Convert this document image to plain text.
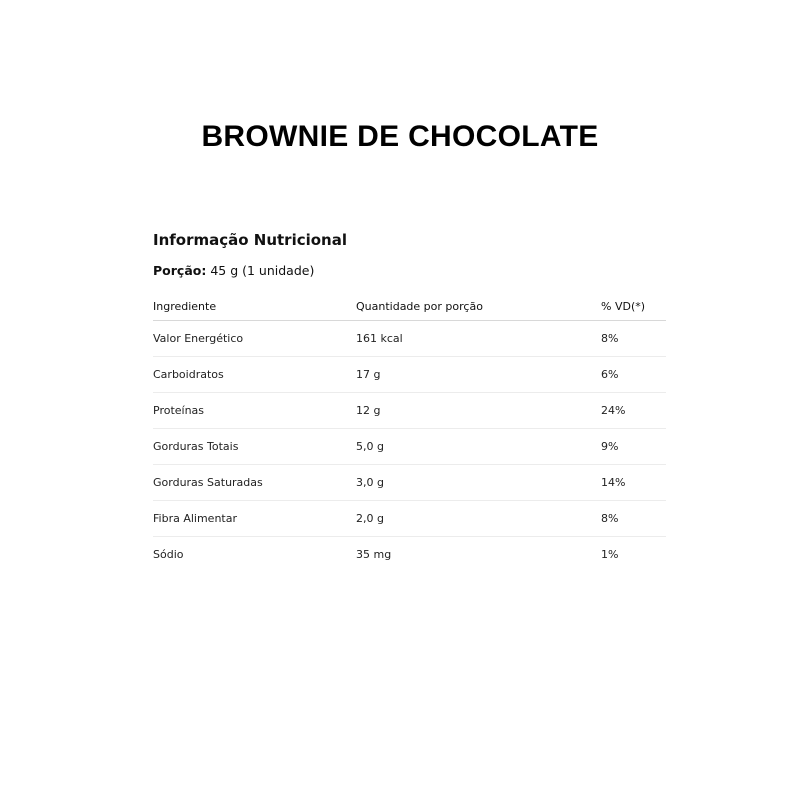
BROWNIE DE CHOCOLATE
Informação Nutricional
Porção: 45 g (1 unidade)
Ingrediente	Quantidade por porção	% VD(*)
Valor Energético	161 kcal	8%
Carboidratos	17 g	6%
Proteínas	12 g	24%
Gorduras Totais	5,0 g	9%
Gorduras Saturadas	3,0 g	14%
Fibra Alimentar	2,0 g	8%
Sódio	35 mg	1%
